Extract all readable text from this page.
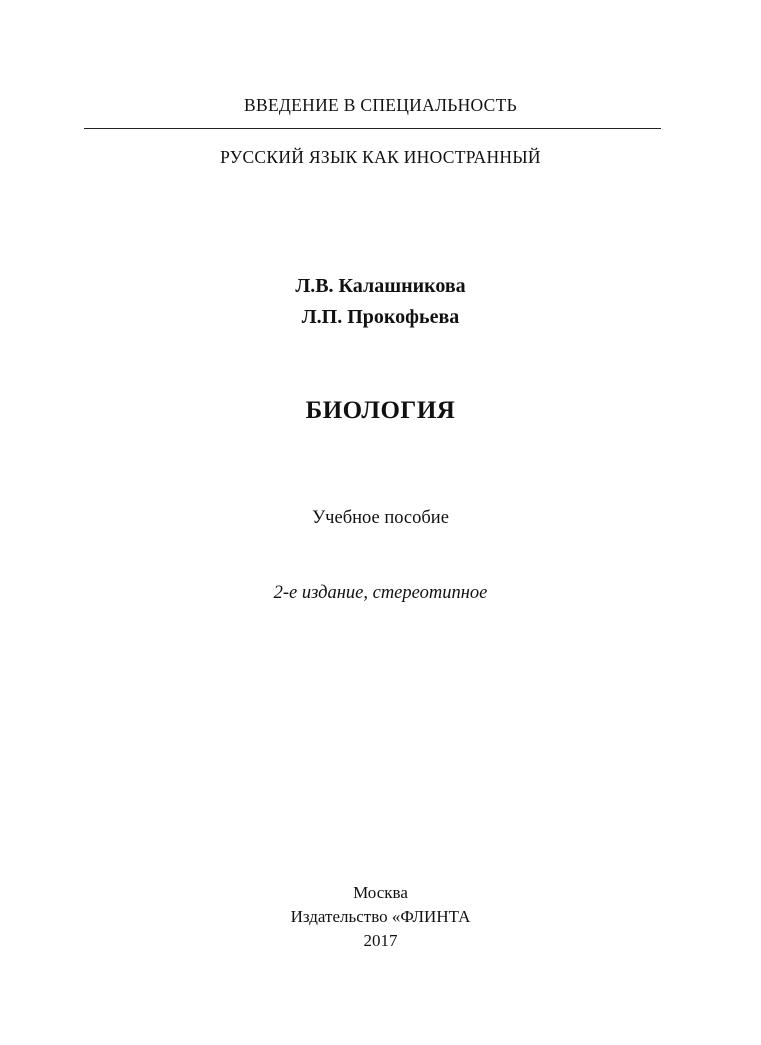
ВВЕДЕНИЕ В СПЕЦИАЛЬНОСТЬ
РУССКИЙ ЯЗЫК КАК ИНОСТРАННЫЙ
Л.В. Калашникова
Л.П. Прокофьева
БИОЛОГИЯ
Учебное пособие
2-е издание, стереотипное
Москва
Издательство «ФЛИНТА
2017
